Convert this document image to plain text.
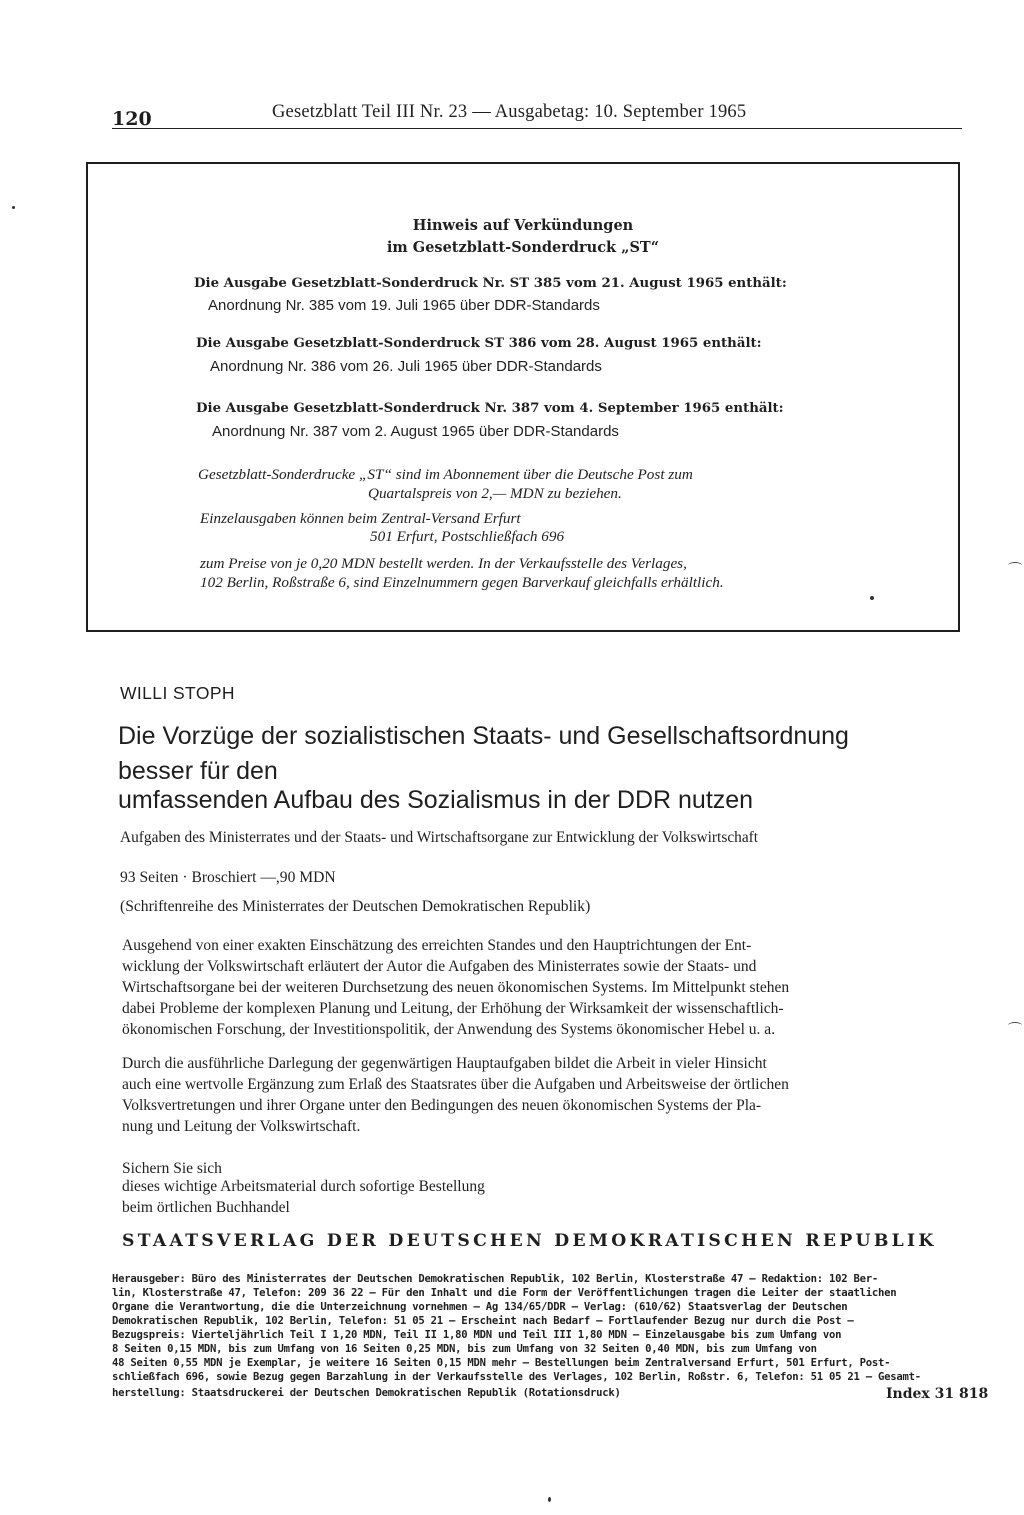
120	Gesetzblatt Teil III Nr. 23 — Ausgabetag: 10. September 1965
Hinweis auf Verkündungen
im Gesetzblatt-Sonderdruck „ST“
Die Ausgabe Gesetzblatt-Sonderdruck Nr. ST 385 vom 21. August 1965 enthält:
Anordnung Nr. 385 vom 19. Juli 1965 über DDR-Standards
Die Ausgabe Gesetzblatt-Sonderdruck ST 386 vom 28. August 1965 enthält:
Anordnung Nr. 386 vom 26. Juli 1965 über DDR-Standards
Die Ausgabe Gesetzblatt-Sonderdruck Nr. 387 vom 4. September 1965 enthält:
Anordnung Nr. 387 vom 2. August 1965 über DDR-Standards
Gesetzblatt-Sonderdrucke „ST“ sind im Abonnement über die Deutsche Post zum
Quartalspreis von 2,— MDN zu beziehen.
Einzelausgaben können beim Zentral-Versand Erfurt
501 Erfurt, Postschließfach 696
zum Preise von je 0,20 MDN bestellt werden. In der Verkaufsstelle des Verlages,
102 Berlin, Roßstraße 6, sind Einzelnummern gegen Barverkauf gleichfalls erhältlich.
WILLI STOPH
Die Vorzüge der sozialistischen Staats- und Gesellschaftsordnung
besser für den
umfassenden Aufbau des Sozialismus in der DDR nutzen
Aufgaben des Ministerrates und der Staats- und Wirtschaftsorgane zur Entwicklung der Volkswirtschaft
93 Seiten · Broschiert —,90 MDN
(Schriftenreihe des Ministerrates der Deutschen Demokratischen Republik)
Ausgehend von einer exakten Einschätzung des erreichten Standes und den Hauptrichtungen der Ent-
wicklung der Volkswirtschaft erläutert der Autor die Aufgaben des Ministerrates sowie der Staats- und
Wirtschaftsorgane bei der weiteren Durchsetzung des neuen ökonomischen Systems. Im Mittelpunkt stehen
dabei Probleme der komplexen Planung und Leitung, der Erhöhung der Wirksamkeit der wissenschaftlich-
ökonomischen Forschung, der Investitionspolitik, der Anwendung des Systems ökonomischer Hebel u. a.
Durch die ausführliche Darlegung der gegenwärtigen Hauptaufgaben bildet die Arbeit in vieler Hinsicht
auch eine wertvolle Ergänzung zum Erlaß des Staatsrates über die Aufgaben und Arbeitsweise der örtlichen
Volksvertretungen und ihrer Organe unter den Bedingungen des neuen ökonomischen Systems der Pla-
nung und Leitung der Volkswirtschaft.
Sichern Sie sich
dieses wichtige Arbeitsmaterial durch sofortige Bestellung
beim örtlichen Buchhandel
STAATSVERLAG DER DEUTSCHEN DEMOKRATISCHEN REPUBLIK
Herausgeber: Büro des Ministerrates der Deutschen Demokratischen Republik, 102 Berlin, Klosterstraße 47 — Redaktion: 102 Ber-
lin, Klosterstraße 47, Telefon: 209 36 22 — Für den Inhalt und die Form der Veröffentlichungen tragen die Leiter der staatlichen
Organe die Verantwortung, die die Unterzeichnung vornehmen — Ag 134/65/DDR — Verlag: (610/62) Staatsverlag der Deutschen
Demokratischen Republik, 102 Berlin, Telefon: 51 05 21 — Erscheint nach Bedarf — Fortlaufender Bezug nur durch die Post —
Bezugspreis: Vierteljährlich Teil I 1,20 MDN, Teil II 1,80 MDN und Teil III 1,80 MDN — Einzelausgabe bis zum Umfang von
8 Seiten 0,15 MDN, bis zum Umfang von 16 Seiten 0,25 MDN, bis zum Umfang von 32 Seiten 0,40 MDN, bis zum Umfang von
48 Seiten 0,55 MDN je Exemplar, je weitere 16 Seiten 0,15 MDN mehr — Bestellungen beim Zentralversand Erfurt, 501 Erfurt, Post-
schließfach 696, sowie Bezug gegen Barzahlung in der Verkaufsstelle des Verlages, 102 Berlin, Roßstr. 6, Telefon: 51 05 21 — Gesamt-
herstellung: Staatsdruckerei der Deutschen Demokratischen Republik (Rotationsdruck)	Index 31 818
